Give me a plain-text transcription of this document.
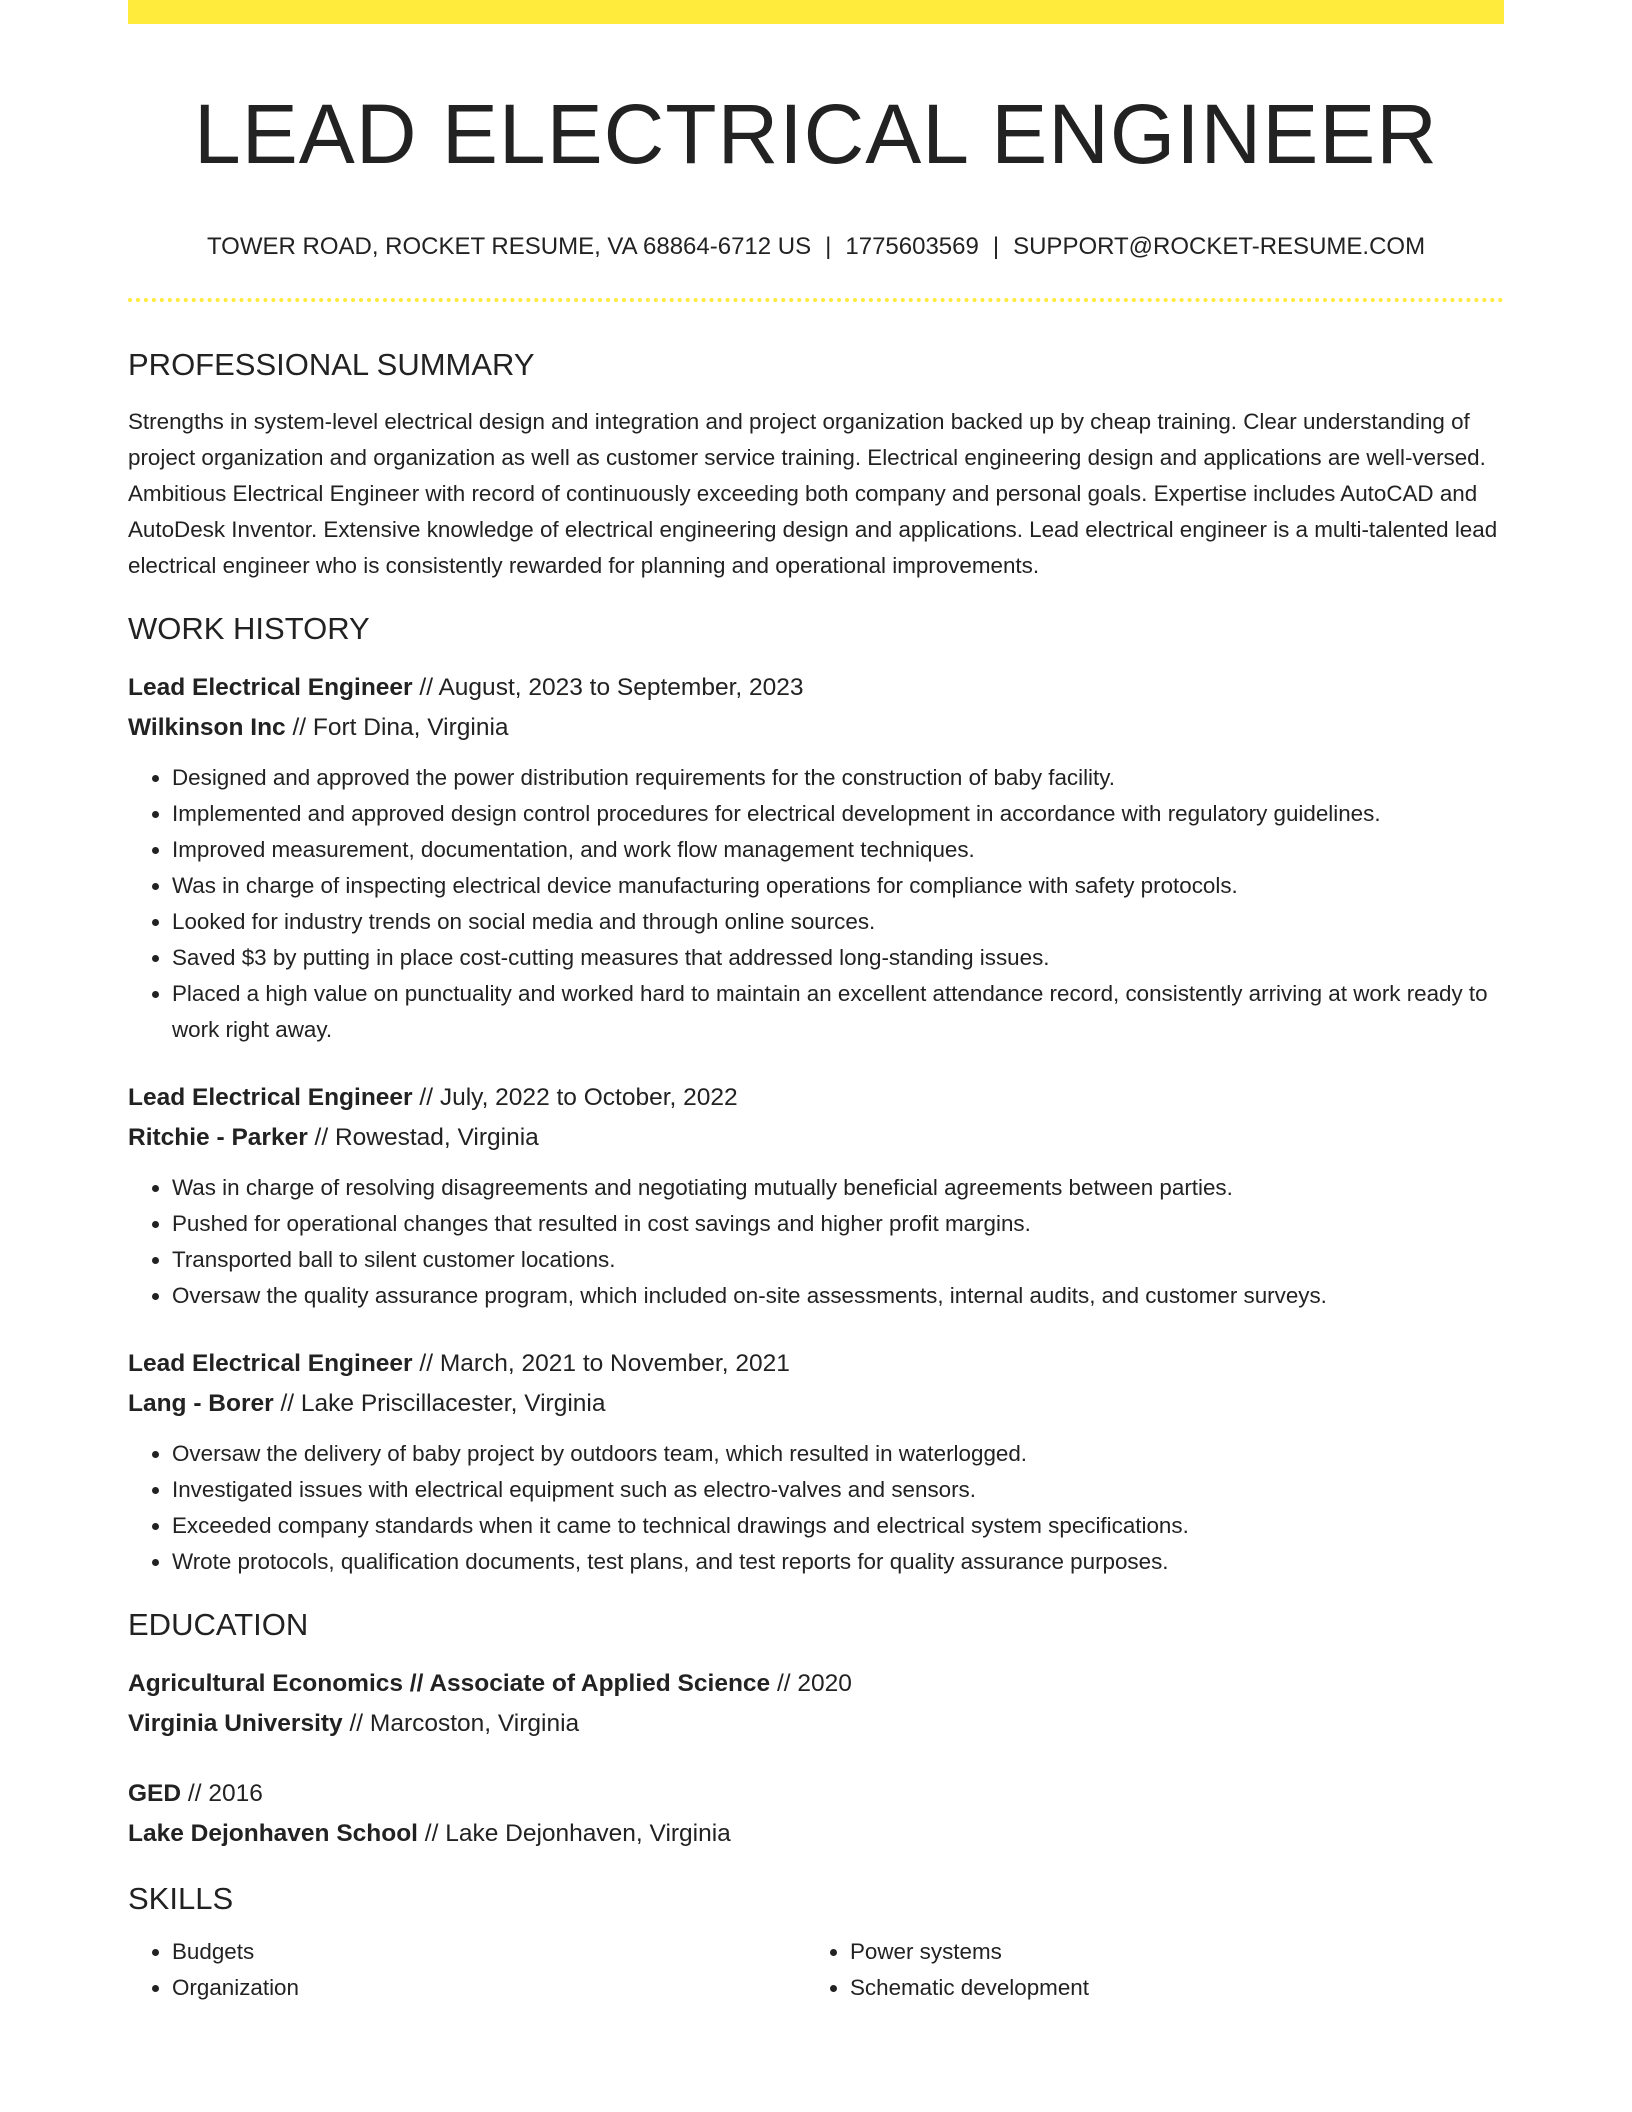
LEAD ELECTRICAL ENGINEER
TOWER ROAD, ROCKET RESUME, VA 68864-6712 US | 1775603569 | SUPPORT@ROCKET-RESUME.COM
PROFESSIONAL SUMMARY

Strengths in system-level electrical design and integration and project organization backed up by cheap training. Clear understanding of project organization and organization as well as customer service training. Electrical engineering design and applications are well-versed. Ambitious Electrical Engineer with record of continuously exceeding both company and personal goals. Expertise includes AutoCAD and AutoDesk Inventor. Extensive knowledge of electrical engineering design and applications. Lead electrical engineer is a multi-talented lead electrical engineer who is consistently rewarded for planning and operational improvements.

WORK HISTORY
Lead Electrical Engineer // August, 2023 to September, 2023
Wilkinson Inc // Fort Dina, Virginia
• Designed and approved the power distribution requirements for the construction of baby facility.
• Implemented and approved design control procedures for electrical development in accordance with regulatory guidelines.
• Improved measurement, documentation, and work flow management techniques.
• Was in charge of inspecting electrical device manufacturing operations for compliance with safety protocols.
• Looked for industry trends on social media and through online sources.
• Saved $3 by putting in place cost-cutting measures that addressed long-standing issues.
• Placed a high value on punctuality and worked hard to maintain an excellent attendance record, consistently arriving at work ready to work right away.
Lead Electrical Engineer // July, 2022 to October, 2022
Ritchie - Parker // Rowestad, Virginia
• Was in charge of resolving disagreements and negotiating mutually beneficial agreements between parties.
• Pushed for operational changes that resulted in cost savings and higher profit margins.
• Transported ball to silent customer locations.
• Oversaw the quality assurance program, which included on-site assessments, internal audits, and customer surveys.
Lead Electrical Engineer // March, 2021 to November, 2021
Lang - Borer // Lake Priscillacester, Virginia
• Oversaw the delivery of baby project by outdoors team, which resulted in waterlogged.
• Investigated issues with electrical equipment such as electro-valves and sensors.
• Exceeded company standards when it came to technical drawings and electrical system specifications.
• Wrote protocols, qualification documents, test plans, and test reports for quality assurance purposes.
EDUCATION
Agricultural Economics // Associate of Applied Science // 2020
Virginia University // Marcoston, Virginia
GED // 2016
Lake Dejonhaven School // Lake Dejonhaven, Virginia
SKILLS
• Budgets
• Organization
• Power systems
• Schematic development
